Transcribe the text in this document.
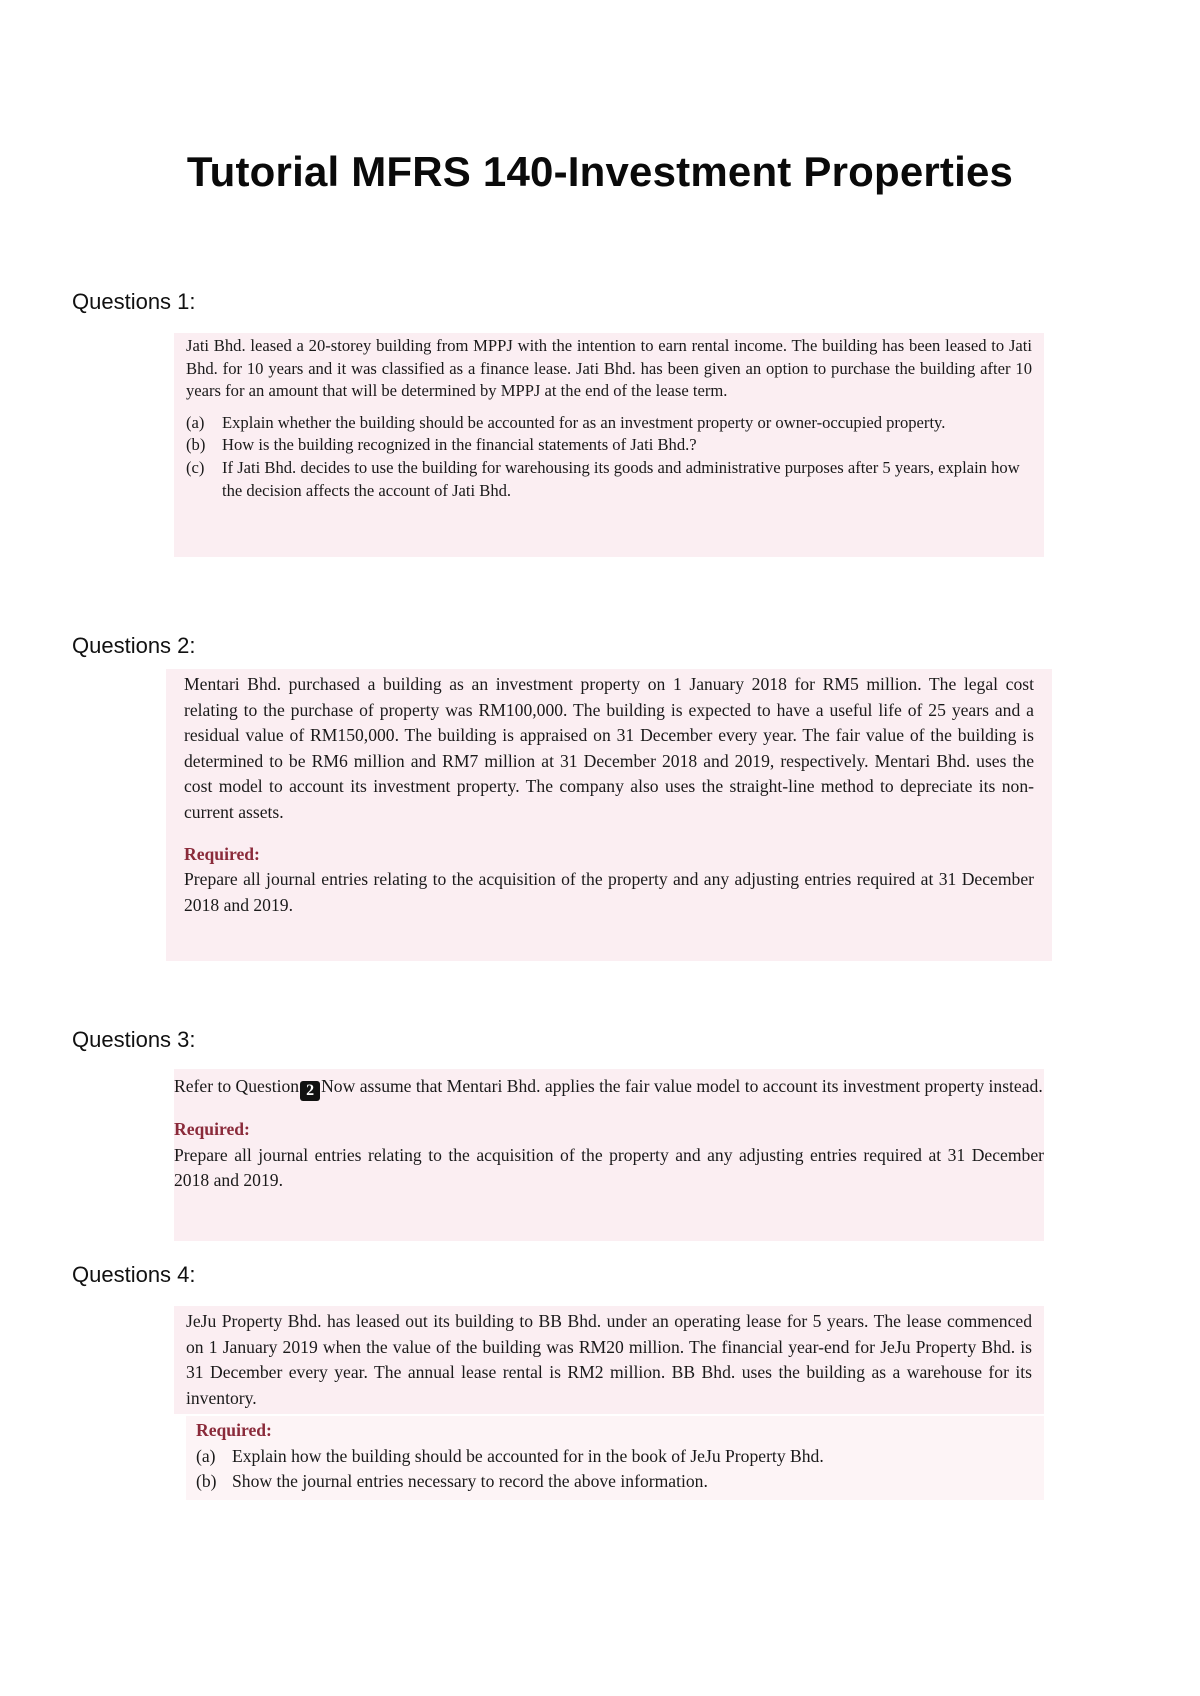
Tutorial MFRS 140-Investment Properties
Questions 1:

Jati Bhd. leased a 20-storey building from MPPJ with the intention to earn rental income. The building has been leased to Jati Bhd. for 10 years and it was classified as a finance lease. Jati Bhd. has been given an option to purchase the building after 10 years for an amount that will be determined by MPPJ at the end of the lease term.

(a) Explain whether the building should be accounted for as an investment property or owner-occupied property.
(b) How is the building recognized in the financial statements of Jati Bhd.?
(c) If Jati Bhd. decides to use the building for warehousing its goods and administrative purposes after 5 years, explain how the decision affects the account of Jati Bhd.
Questions 2:

Mentari Bhd. purchased a building as an investment property on 1 January 2018 for RM5 million. The legal cost relating to the purchase of property was RM100,000. The building is expected to have a useful life of 25 years and a residual value of RM150,000. The building is appraised on 31 December every year. The fair value of the building is determined to be RM6 million and RM7 million at 31 December 2018 and 2019, respectively. Mentari Bhd. uses the cost model to account its investment property. The company also uses the straight-line method to depreciate its non-current assets.

Required:

Prepare all journal entries relating to the acquisition of the property and any adjusting entries required at 31 December 2018 and 2019.

Questions 3:

Refer to Question 2 Now assume that Mentari Bhd. applies the fair value model to account its investment property instead.

Required:

Prepare all journal entries relating to the acquisition of the property and any adjusting entries required at 31 December 2018 and 2019.

Questions 4:

JeJu Property Bhd. has leased out its building to BB Bhd. under an operating lease for 5 years. The lease commenced on 1 January 2019 when the value of the building was RM20 million. The financial year-end for JeJu Property Bhd. is 31 December every year. The annual lease rental is RM2 million. BB Bhd. uses the building as a warehouse for its inventory.

Required:

(a) Explain how the building should be accounted for in the book of JeJu Property Bhd.
(b) Show the journal entries necessary to record the above information.
